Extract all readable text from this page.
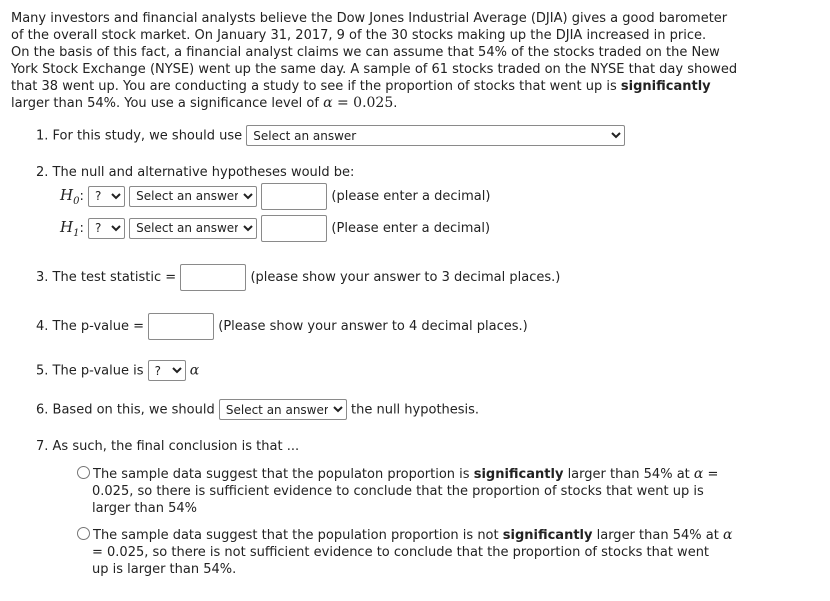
Many investors and financial analysts believe the Dow Jones Industrial Average (DJIA) gives a good barometer
of the overall stock market. On January 31, 2017, 9 of the 30 stocks making up the DJIA increased in price.
On the basis of this fact, a financial analyst claims we can assume that 54% of the stocks traded on the New
York Stock Exchange (NYSE) went up the same day. A sample of 61 stocks traded on the NYSE that day showed
that 38 went up. You are conducting a study to see if the proportion of stocks that went up is significantly
larger than 54%. You use a significance level of α = 0.025.
1. For this study, we should use
Select an answer
2. The null and alternative hypotheses would be:
$H_0$:
?
Select an answer	(please enter a decimal)
$H_1$:
?
Select an answer	(Please enter a decimal)
3. The test statistic =	(please show your answer to 3 decimal places.)
4. The p-value =	(Please show your answer to 4 decimal places.)
5. The p-value is
?	α
6. Based on this, we should
Select an answer	the null hypothesis.
7. As such, the final conclusion is that ...
The sample data suggest that the populaton proportion is significantly larger than 54% at α =
0.025, so there is sufficient evidence to conclude that the proportion of stocks that went up is
larger than 54%
The sample data suggest that the population proportion is not significantly larger than 54% at α
= 0.025, so there is not sufficient evidence to conclude that the proportion of stocks that went
up is larger than 54%.
